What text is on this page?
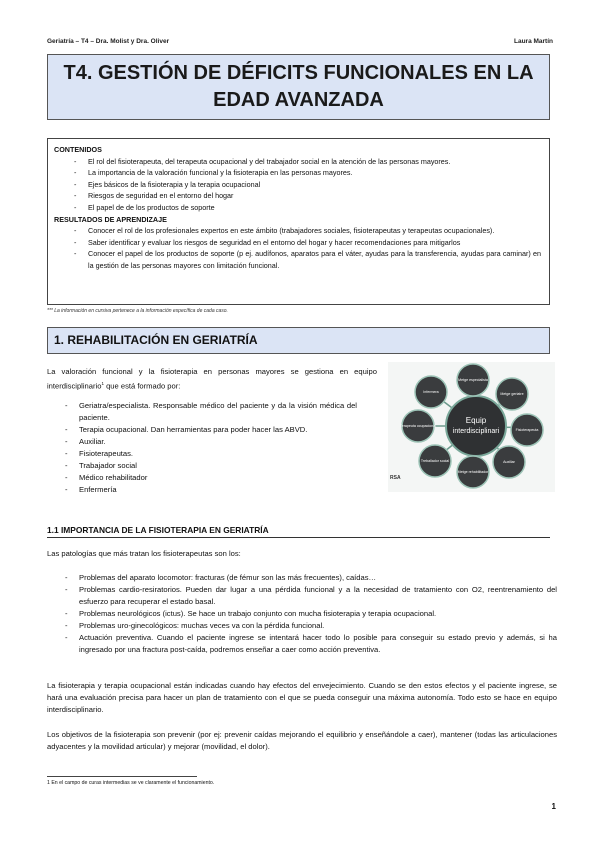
Geriatría – T4 – Dra. Molist y Dra. Oliver	Laura Martín
T4. GESTIÓN DE DÉFICITS FUNCIONALES EN LA
EDAD AVANZADA
CONTENIDOS
- El rol del fisioterapeuta, del terapeuta ocupacional y del trabajador social en la atención de las personas mayores.
- La importancia de la valoración funcional y la fisioterapia en las personas mayores.
- Ejes básicos de la fisioterapia y la terapia ocupacional
- Riesgos de seguridad en el entorno del hogar
- El papel de de los productos de soporte
RESULTADOS DE APRENDIZAJE
- Conocer el rol de los profesionales expertos en este ámbito (trabajadores sociales, fisioterapeutas y terapeutas ocupacionales).
- Saber identificar y evaluar los riesgos de seguridad en el entorno del hogar y hacer recomendaciones para mitigarlos
- Conocer el papel de los productos de soporte (p ej. audífonos, aparatos para el váter, ayudas para la transferencia, ayudas para caminar) en la gestión de las personas mayores con limitación funcional.
*** La información en cursiva pertenece a la información específica de cada caso.
1. REHABILITACIÓN EN GERIATRÍA
La valoración funcional y la fisioterapia en personas mayores se gestiona en equipo interdisciplinario$^1$ que está formado por:
- Geriatra/especialista. Responsable médico del paciente y da la visión médica del paciente.
- Terapia ocupacional. Dan herramientas para poder hacer las ABVD.
- Auxiliar.
- Fisioterapeutas.
- Trabajador social
- Médico rehabilitador
- Enfermería
Equip
interdisciplinari
Metge especialista
Metge geriatre
Fisioterapeuta
Auxiliar
Metge rehabilitador
Treballador social
Terapeuta ocupacional
Infermera
RSA
1.1 IMPORTANCIA DE LA FISIOTERAPIA EN GERIATRÍA
Las patologías que más tratan los fisioterapeutas son los:
- Problemas del aparato locomotor: fracturas (de fémur son las más frecuentes), caídas…
- Problemas cardio-resiratorios. Pueden dar lugar a una pérdida funcional y a la necesidad de tratamiento con O2, reentrenamiento del esfuerzo para recuperar el estado basal.
- Problemas neurológicos (ictus). Se hace un trabajo conjunto con mucha fisioterapia y terapia ocupacional.
- Problemas uro-ginecológicos: muchas veces va con la pérdida funcional.
- Actuación preventiva. Cuando el paciente ingrese se intentará hacer todo lo posible para conseguir su estado previo y además, si ha ingresado por una fractura post-caída, podremos enseñar a caer como acción preventiva.
La fisioterapia y terapia ocupacional están indicadas cuando hay efectos del envejecimiento. Cuando se den estos efectos y el paciente ingrese, se hará una evaluación precisa para hacer un plan de tratamiento con el que se pueda conseguir una máxima autonomía. Todo esto se hace en equipo interdisciplinario.
Los objetivos de la fisioterapia son prevenir (por ej: prevenir caídas mejorando el equilibrio y enseñándole a caer), mantener (todas las articulaciones adyacentes y la movilidad articular) y mejorar (movilidad, el dolor).
1 En el campo de curas intermedias se ve claramente el funcionamiento.
1
